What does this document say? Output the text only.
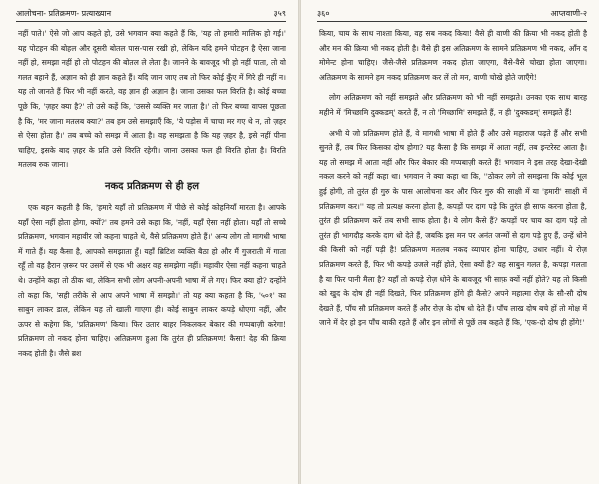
आलोचना- प्रतिक्रमण- प्रत्याख्यान	३५९

नहीं पाते।' ऐसे जो आप कहते हो, उसे भगवान क्या कहते हैं कि, 'यह तो हमारी मालिक हो गई।' यह पोटहन की बोहल और दूसरी बोतल पास-पास रखी हो, लेकिन यदि हमने पोटहन है ऐसा जाना नहीं हो, समझा नहीं हो तो पोटहन की बोतल ले लेता है। जानने के बावजूद भी हो नहीं पाता, तो वो गलत बहाने हैं, अज्ञान को ही ज्ञान कहते हैं। यदि जान जाए तब तो फिर कोई कुँए में गिरे ही नहीं न। यह तो जानते हैं फिर भी नहीं करते, वह ज्ञान ही अज्ञान है। जाना उसका फल विरति है। कोई बच्चा पूछे कि, 'ज़हर क्या है?' तो उसे कहें कि, 'उससे व्यक्ति मर जाता है।' तो फिर बच्चा वापस पूछता है कि, 'मर जाना मतलब क्या?' तब हम उसे समझाएँ कि, 'ये पड़ोस में चाचा मर गए थे न, तो ज़हर से ऐसा होता है।' तब बच्चे को समझ में आता है। वह समझता है कि यह ज़हर है, इसे नहीं पीना चाहिए, इसके बाद ज़हर के प्रति उसे विरति रहेगी। जाना उसका फल ही विरति होता है। विरति मतलब रुक जाना।

नकद प्रतिक्रमण से ही हल

एक बहन कहती है कि, 'हमारे यहाँ तो प्रतिक्रमण में पीछे से कोई कोहनियाँ मारता है। आपके यहाँ ऐसा नहीं होता होगा, क्यों?' तब हमने उसे कहा कि, 'नहीं, यहाँ ऐसा नहीं होता। यहाँ तो सच्चे प्रतिक्रमण, भगवान महावीर जो कहना चाहते थे, वैसे प्रतिक्रमण होते हैं।' अन्य लोग तो मागधी भाषा में गाते हैं। यह कैसा है, आपको समझाता हूँ। यहाँ ब्रिटिश व्यक्ति बैठा हो और मैं गुजराती में गाता रहूँ तो वह हैरान ज़रूर पर उसमें से एक भी अक्षर वह समझेगा नहीं। महावीर ऐसा नहीं कहना चाहते थे। उन्होंने कहा तो ठीक था, लेकिन सभी लोग अपनी-अपनी भाषा में ले गए। फिर क्या हो? दन्होंने तो कहा कि, 'सही तरीके से आप अपने भाषा में समझो।' तो यह क्या कहता है कि, '५०१' का साबुन लाकर डाल, लेकिन यह तो खाली गाएगा ही। कोई साबुन लाकर कपड़े धोएगा नहीं, और ऊपर से कहेगा कि, 'प्रतिक्रमण' किया। फिर उतार बाहर निकलकर बेकार की गप्पबाज़ी करेगा! प्रतिक्रमण तो नकद होना चाहिए। अतिक्रमण हुआ कि तुरंत ही प्रतिक्रमण! कैसा! देह की क्रिया नकद होती है। जैसे ब्रश

३६०	आप्तवाणी-२

किया, चाय के साथ नाश्ता किया, वह सब नकद किया! वैसे ही वाणी की क्रिया भी नकद होती है और मन की क्रिया भी नकद होती है। वैसे ही इस अतिक्रमण के सामने प्रतिक्रमण भी नकद, आँन द मोमेन्ट होना चाहिए। जैसे-जैसे प्रतिक्रमण नकद होता जाएगा, वैसे-वैसे चोखा होता जाएगा। अतिक्रमण के सामने हम नकद प्रतिक्रमण कर लें तो मन, वाणी चोखे होते जाएँगे!

लोग अतिक्रमण को नहीं समझते और प्रतिक्रमण को भी नहीं समझते। उनका एक साथ बारह महीने में 'मिच्छामि दुक्कडम्' करते हैं, न तो 'मिच्छामि' समझते हैं, न ही 'दुक्कडम्' समझते हैं!

अभी ये जो प्रतिक्रमण होते हैं, वे मागधी भाषा में होते हैं और उसे महाराज पढ़ते हैं और सभी सुनते हैं, तब फिर किसका दोष होगा? यह कैसा है कि समझ में आता नहीं, तब इन्टरेस्ट आता है। यह तो समझ में आता नहीं और फिर बेकार की गप्पबाज़ी करते हैं! भगवान ने इस तरह देखा-देखी नकल करने को नहीं कहा था। भगवान ने क्या कहा था कि, ''ठोकर लगे तो समझना कि कोई भूल हुई होगी, तो तुरंत ही गुरु के पास आलोचना कर और फिर गुरु की साक्षी में या 'हमारी' साक्षी में प्रतिक्रमण कर।'' यह तो प्रत्यक्ष करना होता है, कपड़ों पर दाग पड़े कि तुरंत ही साफ करना होता है, तुरंत ही प्रतिक्रमण करें तब सभी साफ होता है। ये लोग कैसे हैं? कपड़ों पर चाय का दाग पड़े तो तुरंत ही भागदौड़ करके दाग धो देते हैं, जबकि इस मन पर अनंत जन्मों से दाग पड़े हुए हैं, उन्हें धोने की किसी को नहीं पड़ी है! प्रतिक्रमण मतलब नकद व्यापार होना चाहिए, उधार नहीं। ये रोज़ प्रतिक्रमण करते हैं, फिर भी कपड़े उजले नहीं होते, ऐसा क्यों है? वह साबुन गलत है, कपड़ा गलता है या फिर पानी मैला है? यहाँ तो कपड़े रोज़ धोने के बावजूद भी साफ़ क्यों नहीं होते? यह तो किसी को खुद के दोष ही नहीं दिखते, फिर प्रतिक्रमण होंगे ही कैसे? अपने महात्मा रोज़ के सौ-सौ दोष देखते हैं, पाँच सौ प्रतिक्रमण करते हैं और रोज़ के दोष धो देते हैं। पाँच लाख दोष बचे हों तो मोक्ष में जाने में देर हो इन पाँच बाकी रहते हैं और इन लोगों से पूछें तब कहते हैं कि, 'एक-दो दोष ही होंगे!'
